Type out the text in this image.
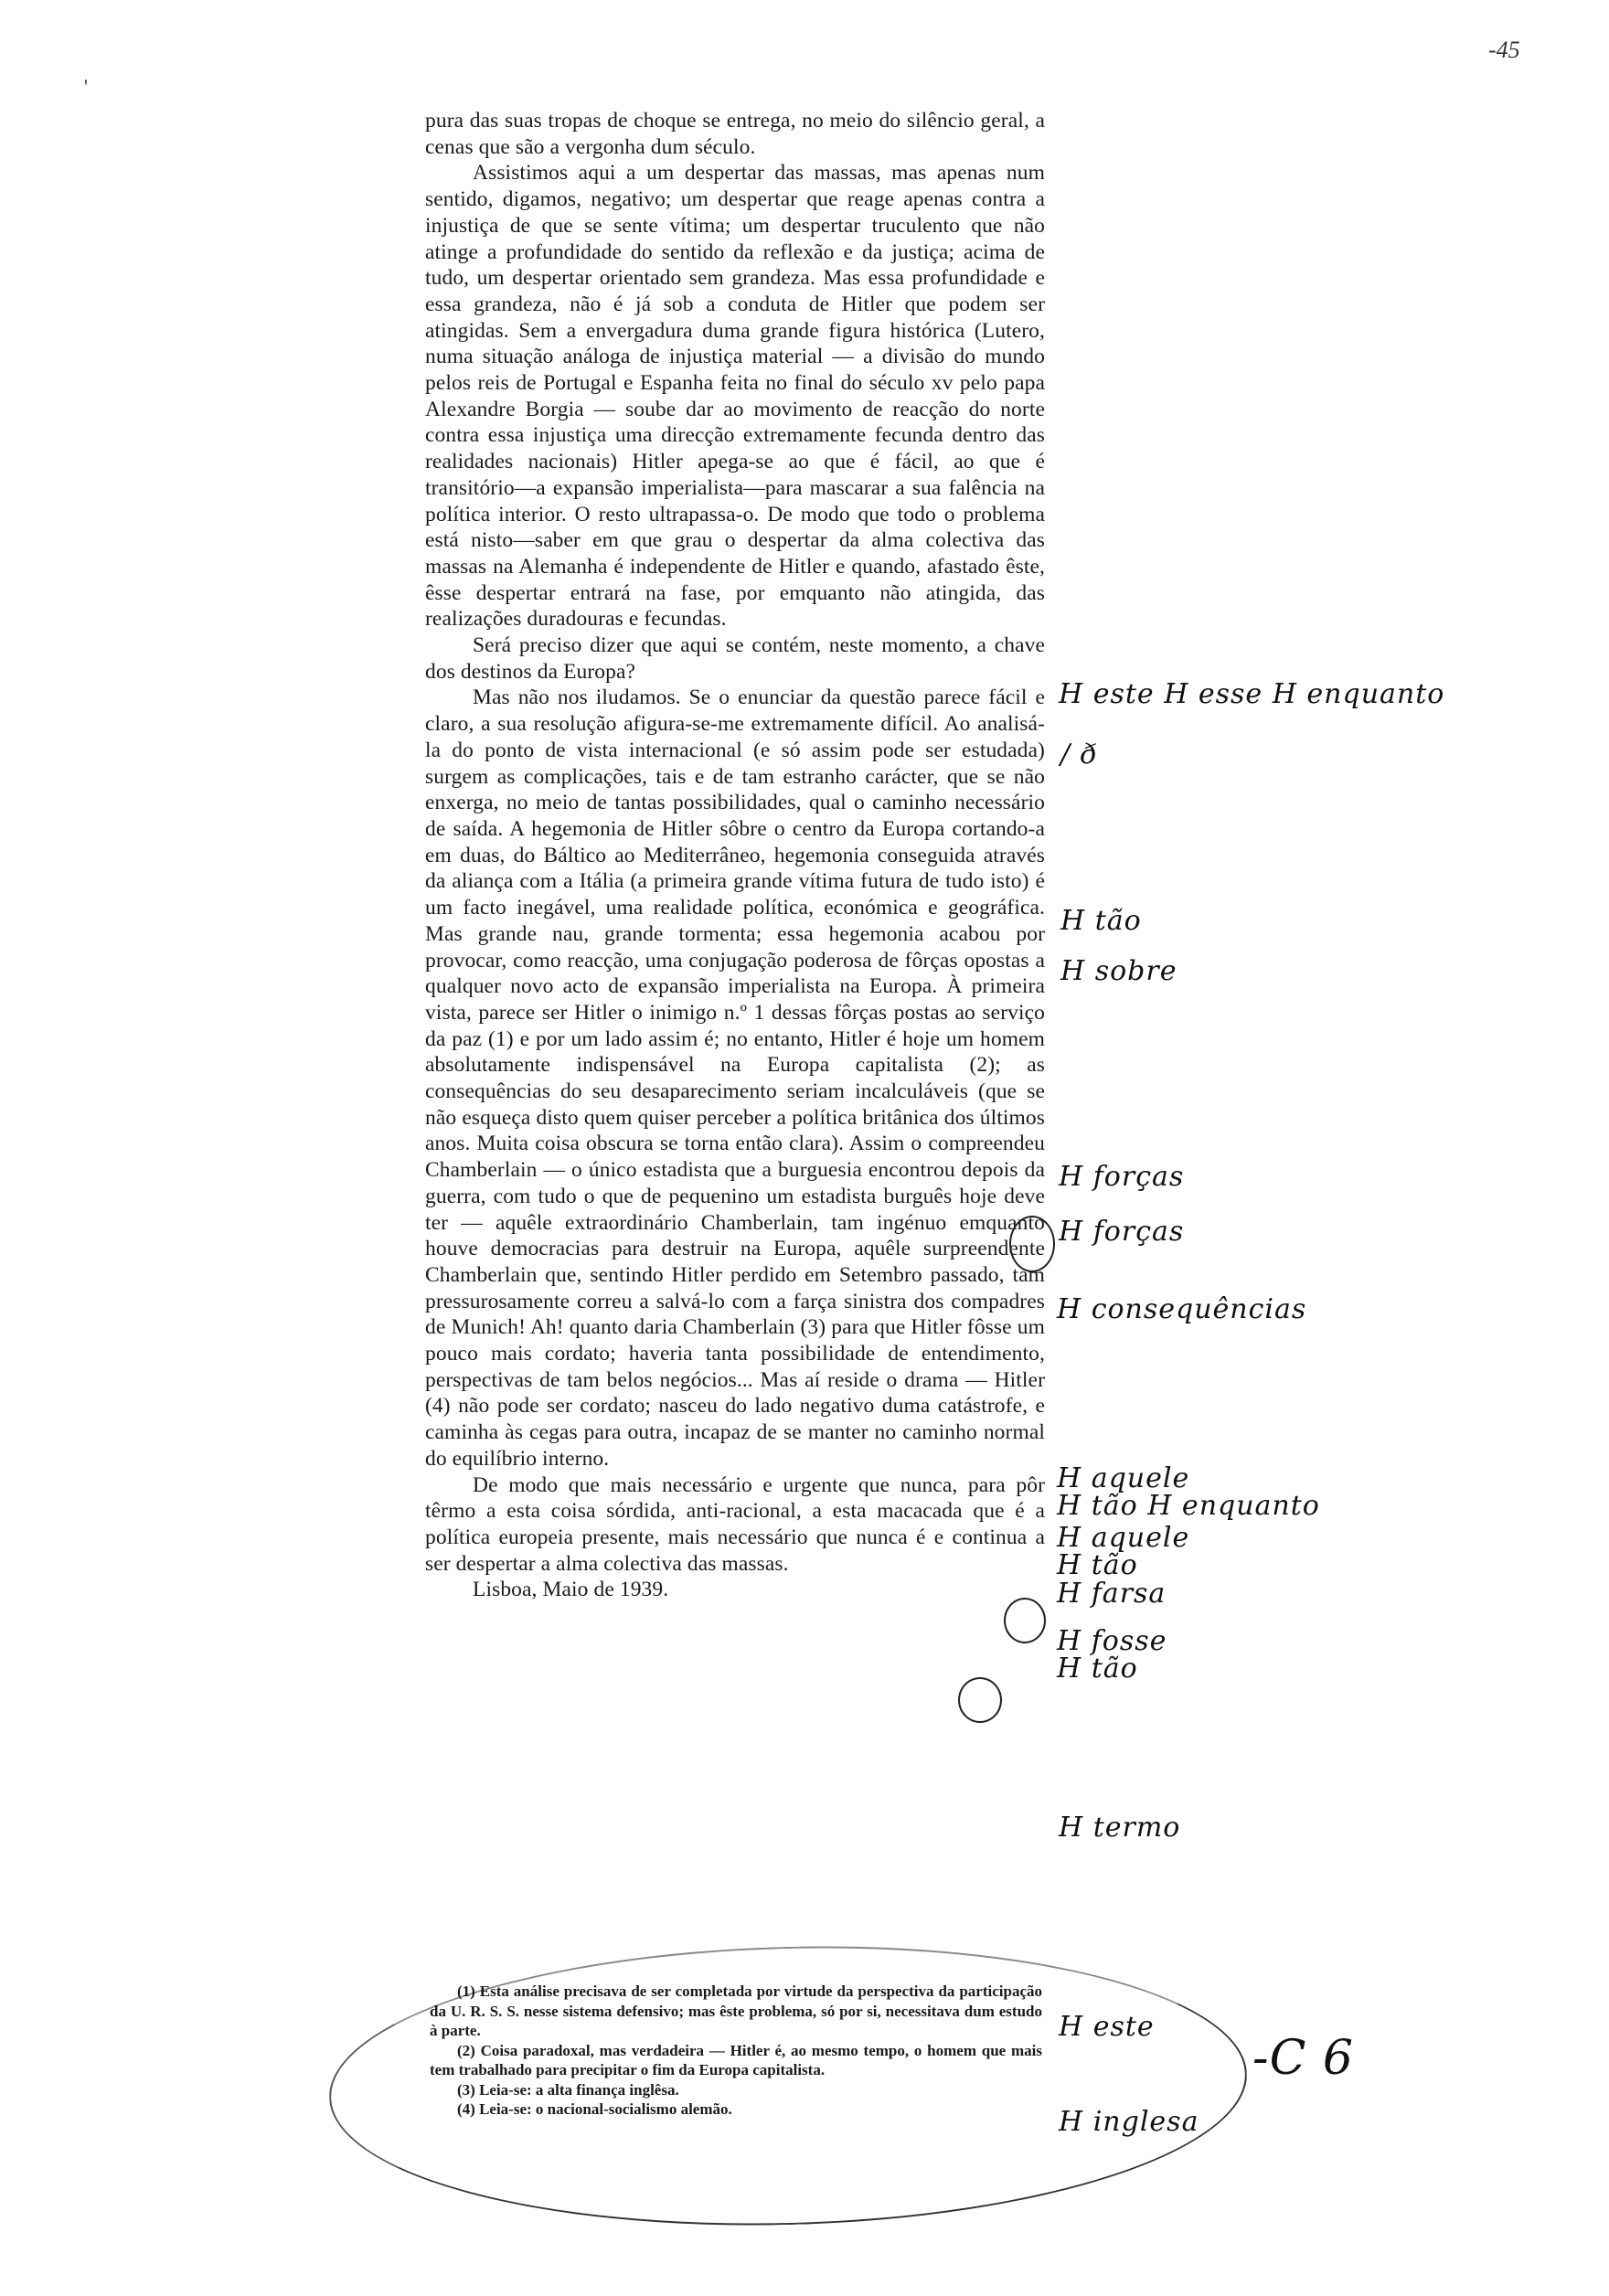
-45
'

pura das suas tropas de choque se entrega, no meio do silêncio geral, a cenas que são a vergonha dum século.

Assistimos aqui a um despertar das massas, mas apenas num sentido, digamos, negativo; um despertar que reage apenas contra a injustiça de que se sente vítima; um despertar truculento que não atinge a profundidade do sentido da reflexão e da justiça; acima de tudo, um despertar orientado sem grandeza. Mas essa profundidade e essa grandeza, não é já sob a conduta de Hitler que podem ser atingidas. Sem a envergadura duma grande figura histórica (Lutero, numa situação análoga de injustiça material — a divisão do mundo pelos reis de Portugal e Espanha feita no final do século xv pelo papa Alexandre Borgia — soube dar ao movimento de reacção do norte contra essa injustiça uma direcção extremamente fecunda dentro das realidades nacionais) Hitler apega-se ao que é fácil, ao que é transitório—a expansão imperialista—para mascarar a sua falência na política interior. O resto ultrapassa-o. De modo que todo o problema está nisto—saber em que grau o despertar da alma colectiva das massas na Alemanha é independente de Hitler e quando, afastado êste, êsse despertar entrará na fase, por emquanto não atingida, das realizações duradouras e fecundas.

Será preciso dizer que aqui se contém, neste momento, a chave dos destinos da Europa?

Mas não nos iludamos. Se o enunciar da questão parece fácil e claro, a sua resolução afigura-se-me extremamente difícil. Ao analisá-la do ponto de vista internacional (e só assim pode ser estudada) surgem as complicações, tais e de tam estranho carácter, que se não enxerga, no meio de tantas possibilidades, qual o caminho necessário de saída. A hegemonia de Hitler sôbre o centro da Europa cortando-a em duas, do Báltico ao Mediterrâneo, hegemonia conseguida através da aliança com a Itália (a primeira grande vítima futura de tudo isto) é um facto inegável, uma realidade política, económica e geográfica. Mas grande nau, grande tormenta; essa hegemonia acabou por provocar, como reacção, uma conjugação poderosa de fôrças opostas a qualquer novo acto de expansão imperialista na Europa. À primeira vista, parece ser Hitler o inimigo n.º 1 dessas fôrças postas ao serviço da paz (1) e por um lado assim é; no entanto, Hitler é hoje um homem absolutamente indispensável na Europa capitalista (2); as consequências do seu desaparecimento seriam incalculáveis (que se não esqueça disto quem quiser perceber a política britânica dos últimos anos. Muita coisa obscura se torna então clara). Assim o compreendeu Chamberlain — o único estadista que a burguesia encontrou depois da guerra, com tudo o que de pequenino um estadista burguês hoje deve ter — aquêle extraordinário Chamberlain, tam ingénuo emquanto houve democracias para destruir na Europa, aquêle surpreendente Chamberlain que, sentindo Hitler perdido em Setembro passado, tam pressurosamente correu a salvá-lo com a farça sinistra dos compadres de Munich! Ah! quanto daria Chamberlain (3) para que Hitler fôsse um pouco mais cordato; haveria tanta possibilidade de entendimento, perspectivas de tam belos negócios... Mas aí reside o drama — Hitler (4) não pode ser cordato; nasceu do lado negativo duma catástrofe, e caminha às cegas para outra, incapaz de se manter no caminho normal do equilíbrio interno.

De modo que mais necessário e urgente que nunca, para pôr têrmo a esta coisa sórdida, anti-racional, a esta macacada que é a política europeia presente, mais necessário que nunca é e continua a ser despertar a alma colectiva das massas.

Lisboa, Maio de 1939.

H este H esse H enquanto
/ ð
H tão
H sobre
H forças
H forças
H consequências
H aquele
H tão H enquanto
H aquele
H tão
H farsa
H fosse
H tão
H termo
H este
H inglesa
-C 6

(1) Esta análise precisava de ser completada por virtude da perspectiva da participação da U. R. S. S. nesse sistema defensivo; mas êste problema, só por si, necessitava dum estudo à parte.

(2) Coisa paradoxal, mas verdadeira — Hitler é, ao mesmo tempo, o homem que mais tem trabalhado para precipitar o fim da Europa capitalista.

(3) Leia-se: a alta finança inglêsa.

(4) Leia-se: o nacional-socialismo alemão.
